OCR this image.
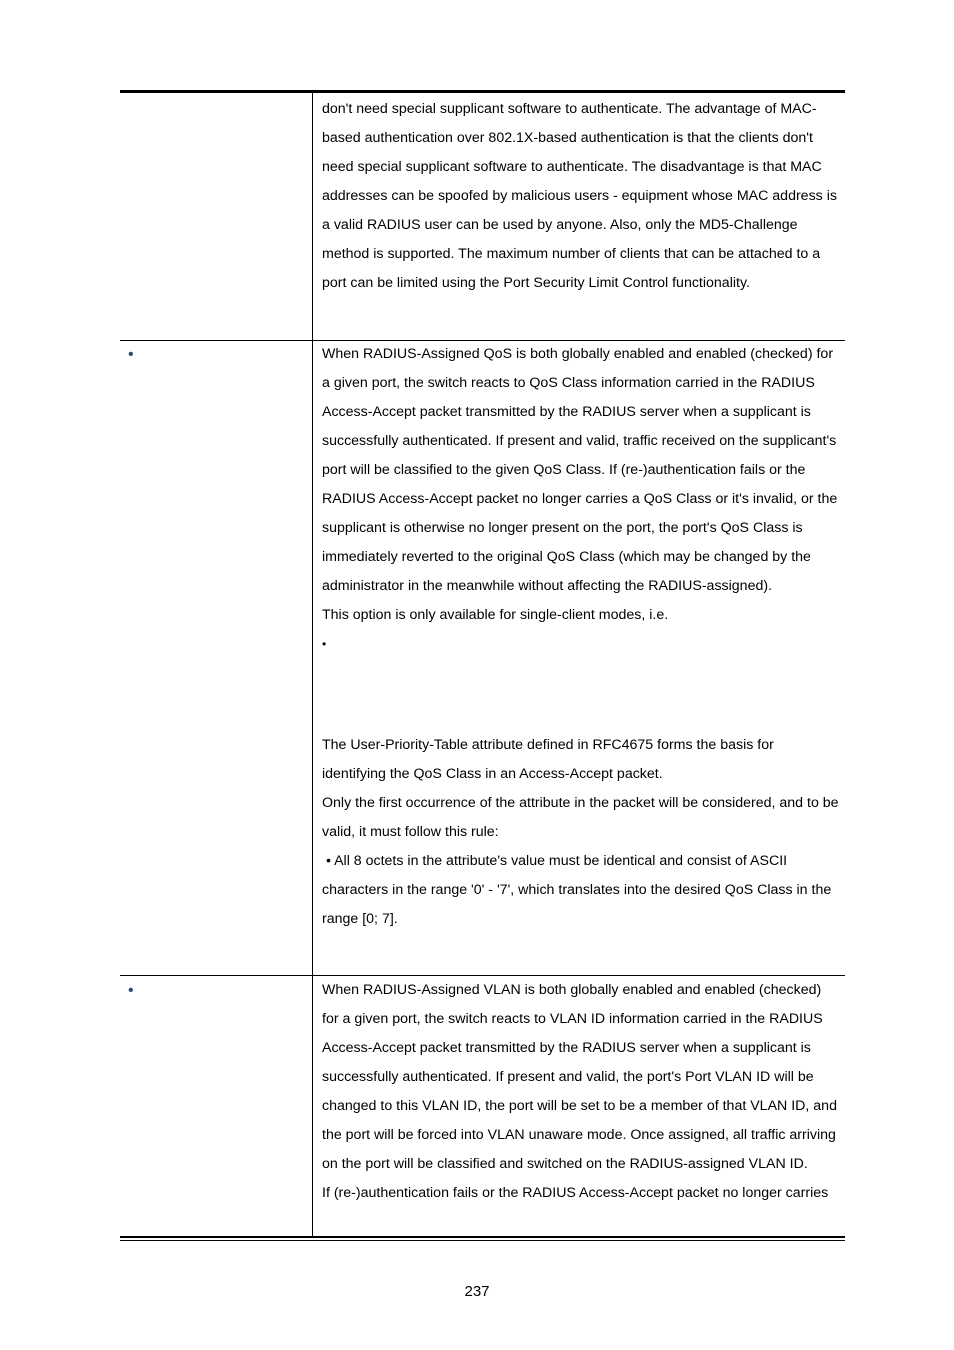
don't need special supplicant software to authenticate. The advantage of MAC-based authentication over 802.1X-based authentication is that the clients don't need special supplicant software to authenticate. The disadvantage is that MAC addresses can be spoofed by malicious users - equipment whose MAC address is a valid RADIUS user can be used by anyone. Also, only the MD5-Challenge method is supported. The maximum number of clients that can be attached to a port can be limited using the Port Security Limit Control functionality.

•	When RADIUS-Assigned QoS is both globally enabled and enabled (checked) for a given port, the switch reacts to QoS Class information carried in the RADIUS Access-Accept packet transmitted by the RADIUS server when a supplicant is successfully authenticated. If present and valid, traffic received on the supplicant's port will be classified to the given QoS Class. If (re-)authentication fails or the RADIUS Access-Accept packet no longer carries a QoS Class or it's invalid, or the supplicant is otherwise no longer present on the port, the port's QoS Class is immediately reverted to the original QoS Class (which may be changed by the administrator in the meanwhile without affecting the RADIUS-assigned).

This option is only available for single-client modes, i.e.

•

The User-Priority-Table attribute defined in RFC4675 forms the basis for identifying the QoS Class in an Access-Accept packet.

Only the first occurrence of the attribute in the packet will be considered, and to be valid, it must follow this rule:

• All 8 octets in the attribute's value must be identical and consist of ASCII characters in the range '0' - '7', which translates into the desired QoS Class in the range [0; 7].

•	When RADIUS-Assigned VLAN is both globally enabled and enabled (checked) for a given port, the switch reacts to VLAN ID information carried in the RADIUS Access-Accept packet transmitted by the RADIUS server when a supplicant is successfully authenticated. If present and valid, the port's Port VLAN ID will be changed to this VLAN ID, the port will be set to be a member of that VLAN ID, and the port will be forced into VLAN unaware mode. Once assigned, all traffic arriving on the port will be classified and switched on the RADIUS-assigned VLAN ID.

If (re-)authentication fails or the RADIUS Access-Accept packet no longer carries

237
